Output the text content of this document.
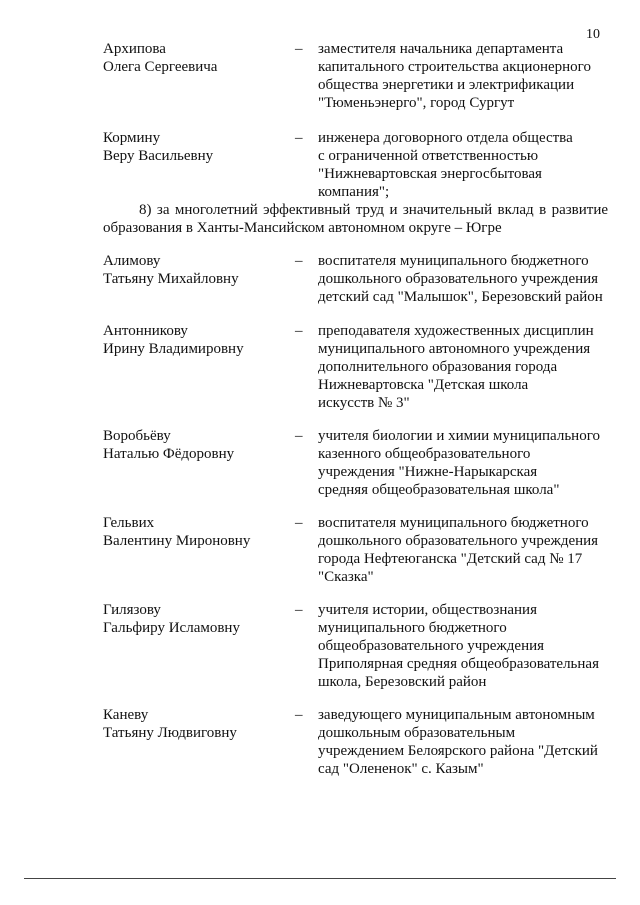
10
Архипова
Олега Сергеевича
– заместителя начальника департамента
капитального строительства акционерного
общества энергетики и электрификации
"Тюменьэнерго", город Сургут
Кормину
Веру Васильевну
– инженера договорного отдела общества
с ограниченной ответственностью
"Нижневартовская энергосбытовая
компания";
8) за многолетний эффективный труд и значительный вклад в развитие
образования в Ханты-Мансийском автономном округе – Югре
Алимову
Татьяну Михайловну
– воспитателя муниципального бюджетного
дошкольного образовательного учреждения
детский сад "Малышок", Березовский район
Антонникову
Ирину Владимировну
– преподавателя художественных дисциплин
муниципального автономного учреждения
дополнительного образования города
Нижневартовска "Детская школа
искусств № 3"
Воробьёву
Наталью Фёдоровну
– учителя биологии и химии муниципального
казенного общеобразовательного
учреждения "Нижне-Нарыкарская
средняя общеобразовательная школа"
Гельвих
Валентину Мироновну
– воспитателя муниципального бюджетного
дошкольного образовательного учреждения
города Нефтеюганска "Детский сад № 17
"Сказка"
Гилязову
Гальфиру Исламовну
– учителя истории, обществознания
муниципального бюджетного
общеобразовательного учреждения
Приполярная средняя общеобразовательная
школа, Березовский район
Каневу
Татьяну Людвиговну
– заведующего муниципальным автономным
дошкольным образовательным
учреждением Белоярского района "Детский
сад "Олененок" с. Казым"
